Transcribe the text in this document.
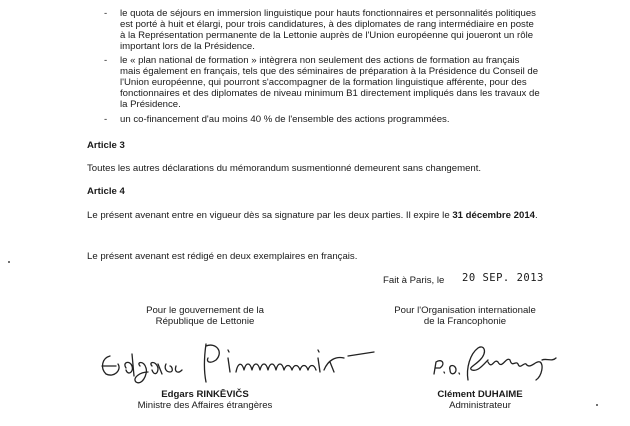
- le quota de séjours en immersion linguistique pour hauts fonctionnaires et personnalités politiques
est porté à huit et élargi, pour trois candidatures, à des diplomates de rang intermédiaire en poste
à la Représentation permanente de la Lettonie auprès de l'Union européenne qui joueront un rôle
important lors de la Présidence.
- le « plan national de formation » intègrera non seulement des actions de formation au français
mais également en français, tels que des séminaires de préparation à la Présidence du Conseil de
l'Union européenne, qui pourront s'accompagner de la formation linguistique afférente, pour des
fonctionnaires et des diplomates de niveau minimum B1 directement impliqués dans les travaux de
la Présidence.
- un co-financement d'au moins 40 % de l'ensemble des actions programmées.
Article 3
Toutes les autres déclarations du mémorandum susmentionné demeurent sans changement.
Article 4
Le présent avenant entre en vigueur dès sa signature par les deux parties. Il expire le 31 décembre 2014.
Le présent avenant est rédigé en deux exemplaires en français.
Fait à Paris, le 20 SEP. 2013
Pour le gouvernement de la
République de Lettonie
Pour l'Organisation internationale
de la Francophonie
Edgars RINKĒVIČS
Ministre des Affaires étrangères
Clément DUHAIME
Administrateur
